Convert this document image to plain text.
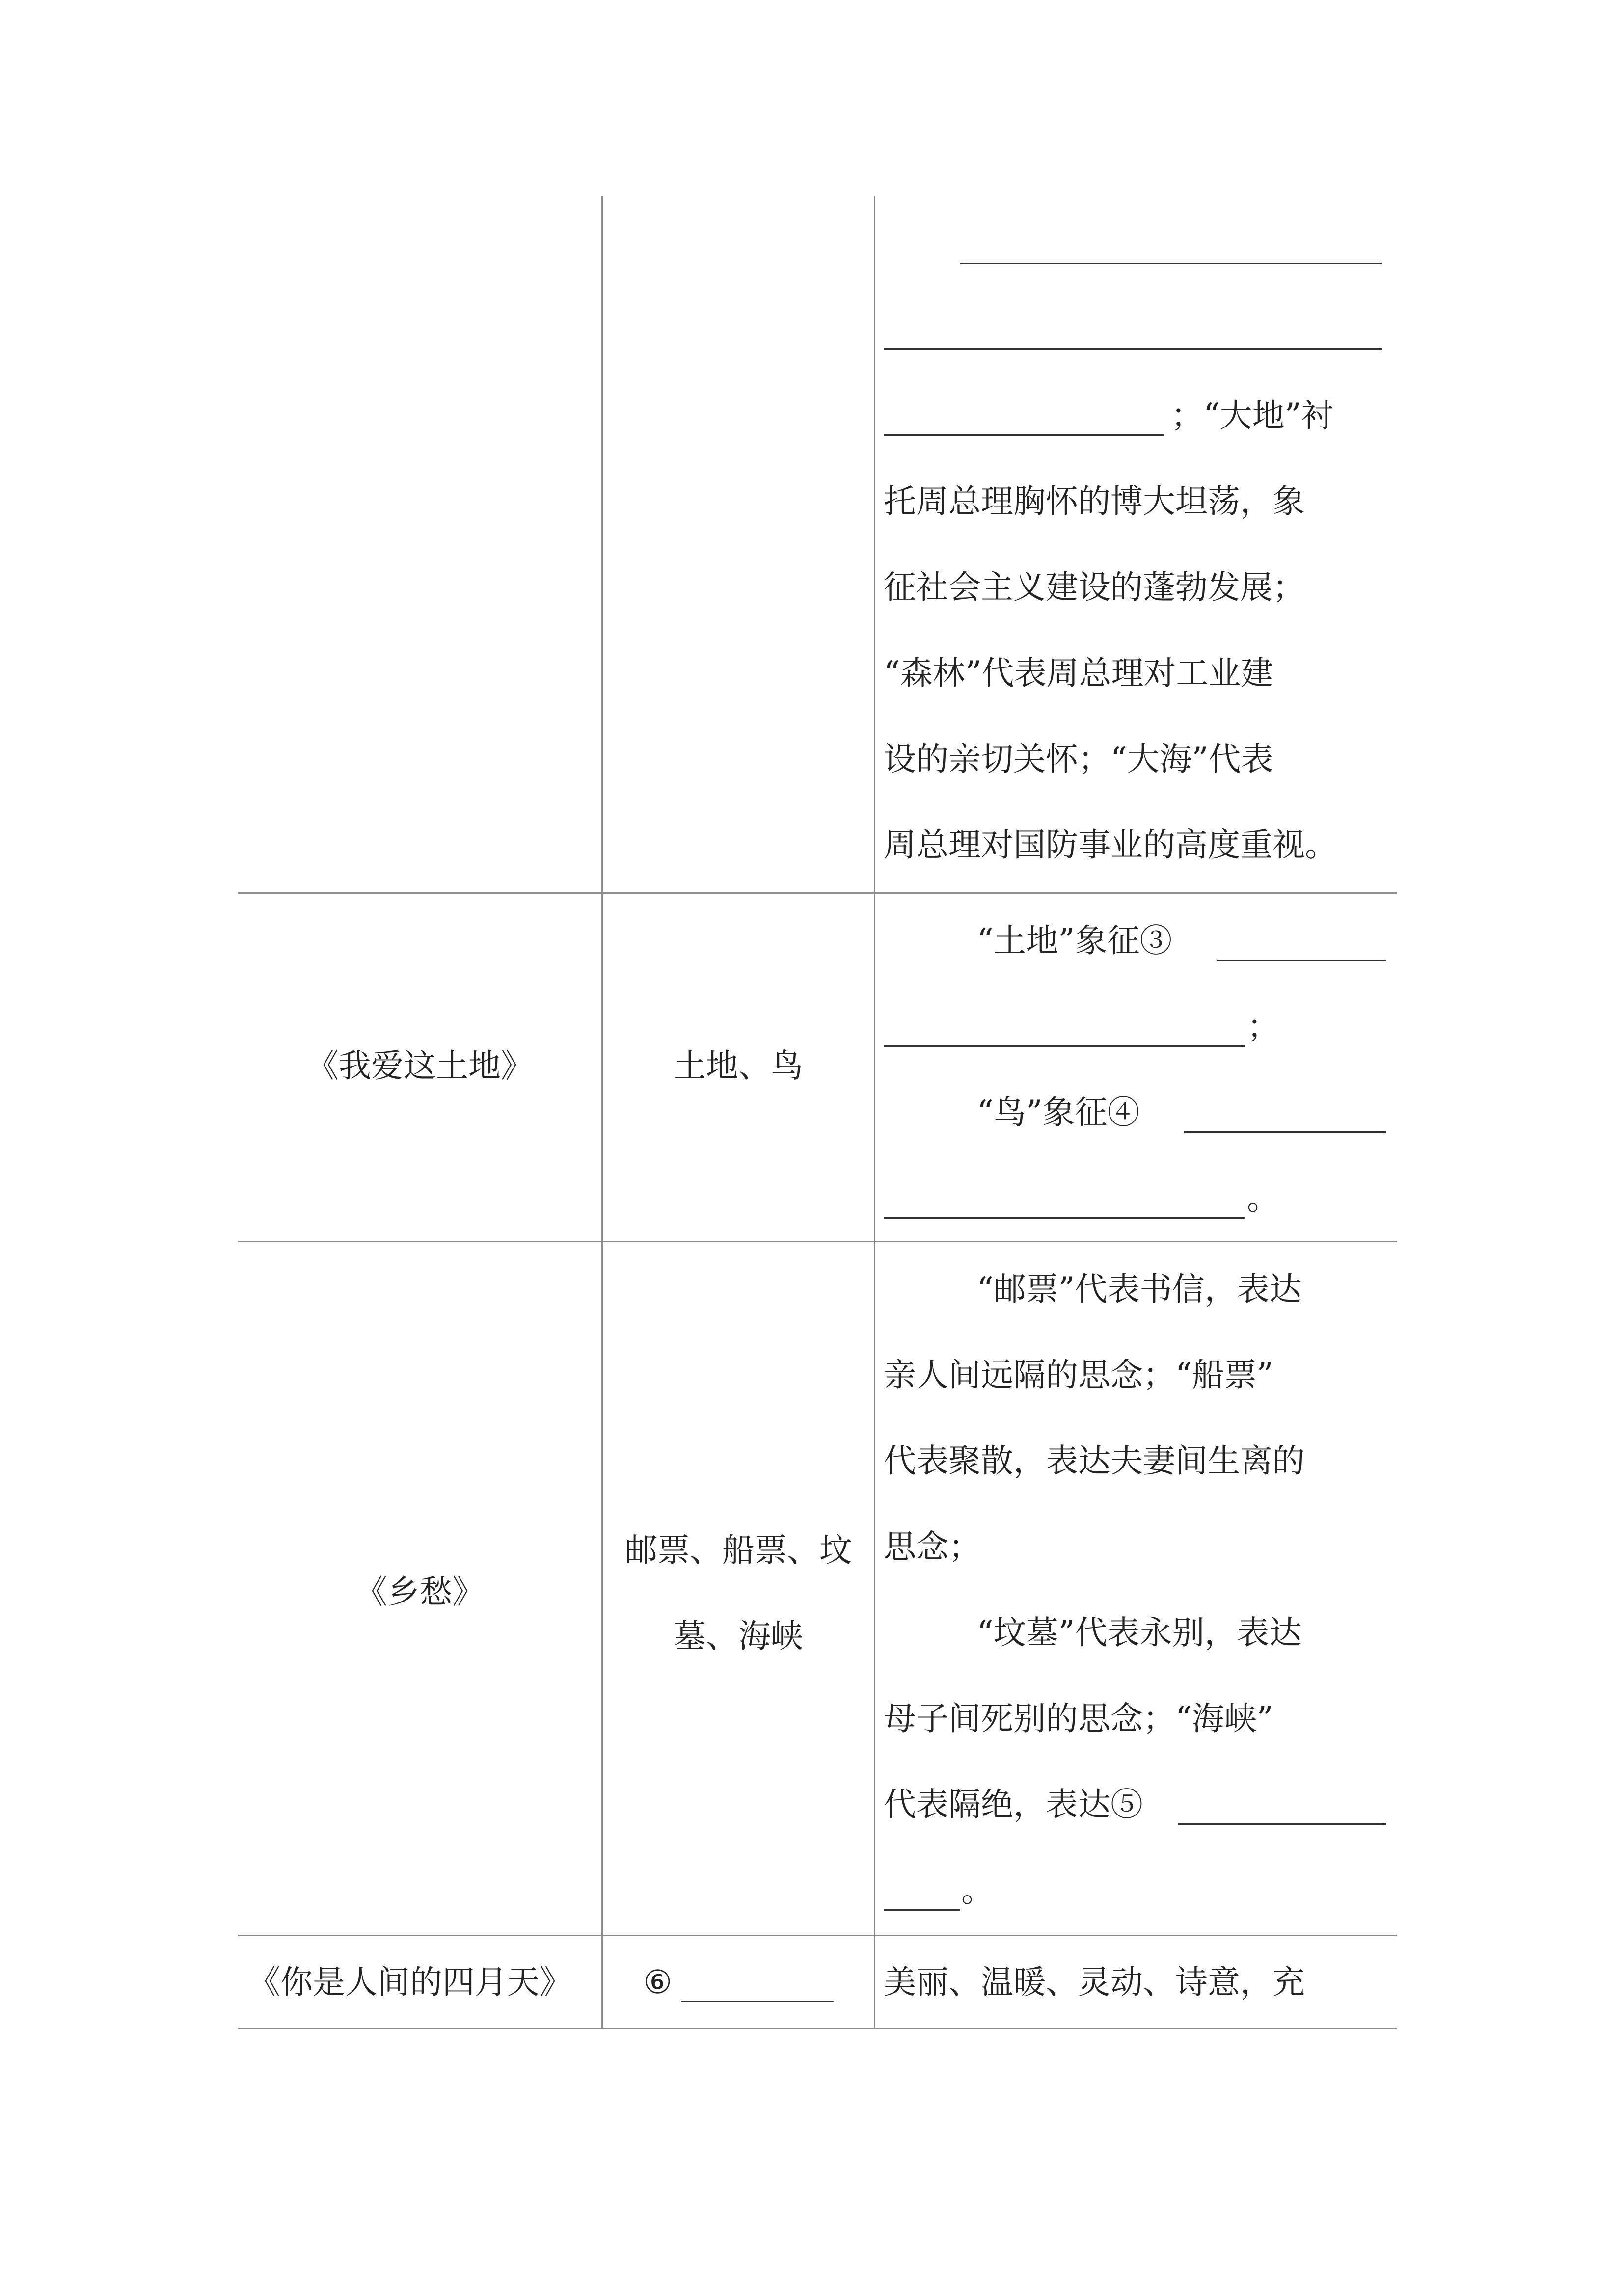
；“大地”衬
托周总理胸怀的博大坦荡，象
征社会主义建设的蓬勃发展；
“森林”代表周总理对工业建
设的亲切关怀；“大海”代表
周总理对国防事业的高度重视。
《我爱这土地》	土地、鸟
“土地”象征③
；
“鸟”象征④
。
《乡愁》
邮票、船票、坟
墓、海峡
“邮票”代表书信，表达
亲人间远隔的思念；“船票”
代表聚散，表达夫妻间生离的
思念；
“坟墓”代表永别，表达
母子间死别的思念；“海峡”
代表隔绝，表达⑤
。
《你是人间的四月天》 ⑥	美丽、温暖、灵动、诗意，充
